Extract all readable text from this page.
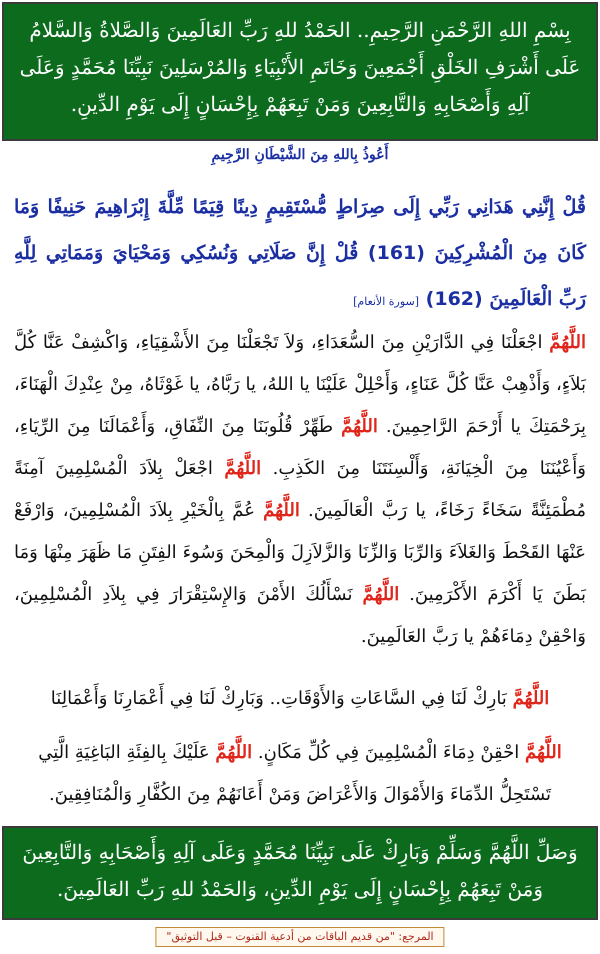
بِسْمِ اللهِ الرَّحْمَنِ الرَّحِيمِ.. الحَمْدُ للهِ رَبِّ العَالَمِينَ وَالصَّلاةُ وَالسَّلامُ عَلَى أَشْرَفِ الخَلْقِ أَجْمَعِينَ وَخَاتَمِ الأَنْبِيَاءِ وَالمُرْسَلِينَ نَبِيِّنَا مُحَمَّدٍ وَعَلَى آلِهِ وَأَصْحَابِهِ وَالتَّابِعِينَ وَمَنْ تَبِعَهُمْ بِإِحْسَانٍ إِلَى يَوْمِ الدِّينِ.
أَعُوذُ بِاللهِ مِنَ الشَّيْطَانِ الرَّجِيمِ
قُلْ إِنَّنِي هَدَانِي رَبِّي إِلَى صِرَاطٍ مُّسْتَقِيمٍ دِينًا قِيَمًا مِّلَّةَ إِبْرَاهِيمَ حَنِيفًا وَمَا كَانَ مِنَ الْمُشْرِكِينَ (161) قُلْ إِنَّ صَلَاتِي وَنُسُكِي وَمَحْيَايَ وَمَمَاتِي لِلَّهِ رَبِّ الْعَالَمِينَ (162) [سورة الأنعام]
اللَّهُمَّ اجْعَلْنَا فِي الدَّارَيْنِ مِنَ السُّعَدَاءِ، وَلاَ تَجْعَلْنَا مِنَ الأَشْقِيَاءِ، وَاكْشِفْ عَنَّا كُلَّ بَلاَءٍ، وَأَذْهِبْ عَنَّا كُلَّ عَنَاءٍ، وَأَحْلِلْ عَلَيْنَا يا اللهُ، يا رَبَّاهُ، يا غَوْثَاهُ، مِنْ عِنْدِكَ الْهَنَاءَ، بِرَحْمَتِكَ يا أَرْحَمَ الرَّاحِمِينَ. اللَّهُمَّ طَهِّرْ قُلُوبَنَا مِنَ النِّفَاقِ، وَأَعْمَالَنَا مِنَ الرِّيَاءِ، وَأَعْيُنَنَا مِنَ الْخِيَانَةِ، وَأَلْسِنَتَنَا مِنَ الكَذِبِ. اللَّهُمَّ اجْعَلْ بِلاَدَ الْمُسْلِمِينَ آمِنَةً مُطْمَئِنَّةً سَخَاءً رَخَاءً، يا رَبَّ الْعَالَمِينَ. اللَّهُمَّ عُمَّ بِالْخَيْرِ بِلاَدَ الْمُسْلِمِينَ، وَارْفَعْ عَنْهَا القَحْطَ وَالغَلاَءَ وَالرِّبَا وَالزِّنَا وَالزَّلاَزِلَ وَالْمِحَنَ وَسُوءَ الفِتَنِ مَا ظَهَرَ مِنْهَا وَمَا بَطَنَ يَا أَكْرَمَ الأَكْرَمِينَ. اللَّهُمَّ نَسْأَلُكَ الأَمْنَ وَالإِسْتِقْرَارَ فِي بِلاَدِ الْمُسْلِمِينَ، وَاحْقِنْ دِمَاءَهُمْ يا رَبَّ العَالَمِينَ.
اللَّهُمَّ بَارِكْ لَنَا فِي السَّاعَاتِ وَالأَوْقَاتِ.. وَبَارِكْ لَنَا فِي أَعْمَارِنَا وَأَعْمَالِنَا
اللَّهُمَّ احْقِنْ دِمَاءَ الْمُسْلِمِينَ فِي كُلِّ مَكَانٍ. اللَّهُمَّ عَلَيْكَ بِالفِئَةِ البَاغِيَةِ الَّتِي تَسْتَحِلُّ الدِّمَاءَ وَالأَمْوَالَ وَالأَعْرَاضَ وَمَنْ أَعَانَهُمْ مِنَ الكُفَّارِ وَالْمُنَافِقِينَ.
وَصَلِّ اللَّهُمَّ وَسَلِّمْ وَبَارِكْ عَلَى نَبِيِّنَا مُحَمَّدٍ وَعَلَى آلِهِ وَأَصْحَابِهِ وَالتَّابِعِينَ وَمَنْ تَبِعَهُمْ بِإِحْسَانٍ إِلَى يَوْمِ الدِّينِ، وَالحَمْدُ للهِ رَبِّ العَالَمِينَ.
المرجع: "من قديم الباقات من أدعية القنوت – قبل التوثيق"
